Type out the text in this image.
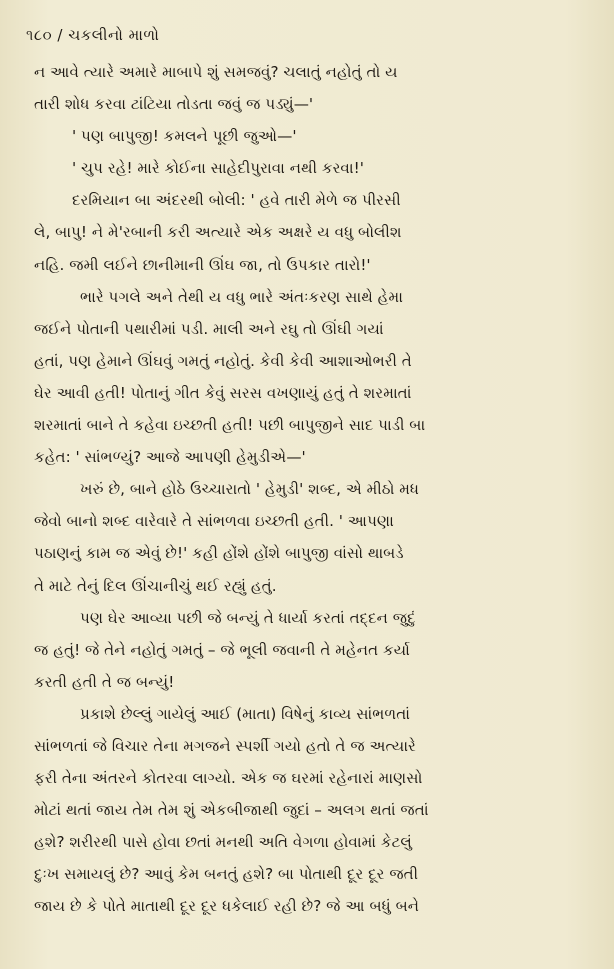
૧૮૦ / ચકલીનો માળો

ન આવે ત્યારે અમારે માબાપે શું સમજવું? ચલાતું નહોતું તો ય

તારી શોધ કરવા ટાંટિયા તોડતા જવું જ પડ્યું—'

' પણ બાપુજી! કમલને પૂછી જુઓ—'

' ચુપ રહે! મારે કોઈના સાહેદીપુરાવા નથી કરવા!'

દરમિયાન બા અંદરથી બોલી: ' હવે તારી મેળે જ પીરસી

લે, બાપુ! ને મે'રબાની કરી અત્યારે એક અક્ષરે ય વધુ બોલીશ

નહિ. જમી લઈને છાનીમાની ઊંઘ જા, તો ઉપકાર તારો!'

ભારે પગલે અને તેથી ય વધુ ભારે અંતઃકરણ સાથે હેમા

જઈને પોતાની પથારીમાં પડી. માલી અને રઘુ તો ઊંઘી ગયાં

હતાં, પણ હેમાને ઊંઘવું ગમતું નહોતું. કેવી કેવી આશાઓભરી તે

ઘેર આવી હતી! પોતાનું ગીત કેવું સરસ વખણાયું હતું તે શરમાતાં

શરમાતાં બાને તે કહેવા ઇચ્છતી હતી! પછી બાપુજીને સાદ પાડી બા

કહેત: ' સાંભળ્યું? આજે આપણી હેમુડીએ—'

ખરું છે, બાને હોઠે ઉચ્ચારાતો ' હેમુડી' શબ્દ, એ મીઠો મધ

જેવો બાનો શબ્દ વારેવારે તે સાંભળવા ઇચ્છતી હતી. ' આપણા

પઠાણનું કામ જ એવું છે!' કહી હોંશે હોંશે બાપુજી વાંસો થાબડે

તે માટે તેનું દિલ ઊંચાનીચું થઈ રહ્યું હતું.

પણ ઘેર આવ્યા પછી જે બન્યું તે ધાર્યા કરતાં તદ્દન જુદું

જ હતું! જે તેને નહોતું ગમતું – જે ભૂલી જવાની તે મહેનત કર્યા

કરતી હતી તે જ બન્યું!

પ્રકાશે છેલ્લું ગાયેલું આઈ (માતા) વિષેનું કાવ્ય સાંભળતાં

સાંભળતાં જે વિચાર તેના મગજને સ્પર્શી ગયો હતો તે જ અત્યારે

ફરી તેના અંતરને કોતરવા લાગ્યો. એક જ ઘરમાં રહેનારાં માણસો

મોટાં થતાં જાય તેમ તેમ શું એકબીજાથી જુદાં – અલગ થતાં જતાં

હશે? શરીરથી પાસે હોવા છતાં મનથી અતિ વેગળા હોવામાં કેટલું

દુઃખ સમાયલું છે? આવું કેમ બનતું હશે? બા પોતાથી દૂર દૂર જતી

જાય છે કે પોતે માતાથી દૂર દૂર ધકેલાઈ રહી છે? જે આ બધું બને
